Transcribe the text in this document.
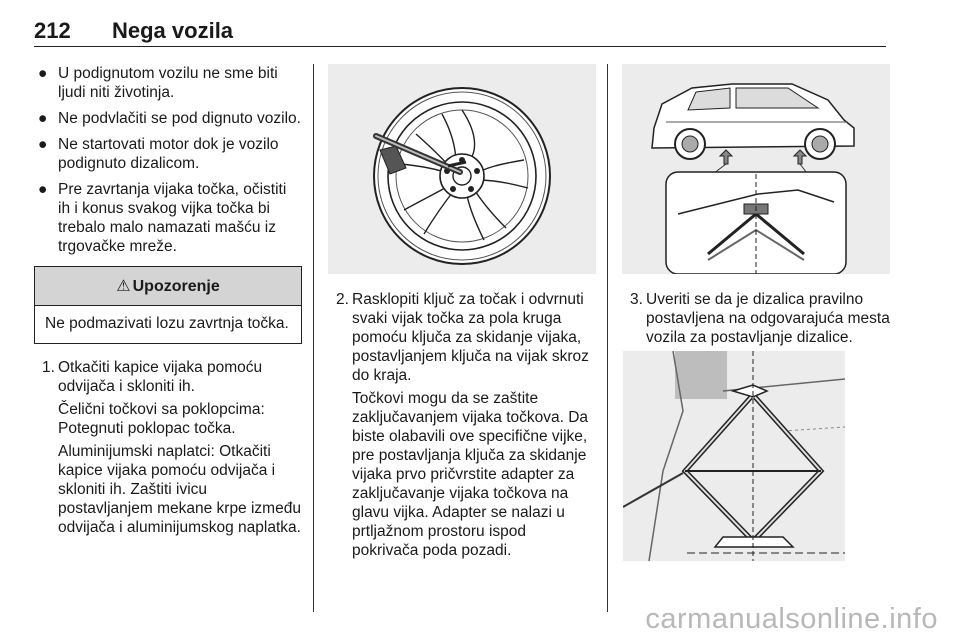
212 Nega vozila
● U podignutom vozilu ne sme biti ljudi niti životinja.
● Ne podvlačiti se pod dignuto vozilo.
● Ne startovati motor dok je vozilo podignuto dizalicom.
● Pre zavrtanja vijaka točka, očistiti ih i konus svakog vijka točka bi trebalo malo namazati mašću iz trgovačke mreže.
⚠ Upozorenje
Ne podmazivati lozu zavrtnja točka.
1. Otkačiti kapice vijaka pomoću odvijača i skloniti ih.
Čelični točkovi sa poklopcima: Potegnuti poklopac točka.
Aluminijumski naplatci: Otkačiti kapice vijaka pomoću odvijača i skloniti ih. Zaštiti ivicu postavljanjem mekane krpe između odvijača i aluminijumskog naplatka.
2. Rasklopiti ključ za točak i odvrnuti svaki vijak točka za pola kruga pomoću ključa za skidanje vijaka, postavljanjem ključa na vijak skroz do kraja.
Točkovi mogu da se zaštite zaključavanjem vijaka točkova. Da biste olabavili ove specifične vijke, pre postavljanja ključa za skidanje vijaka prvo pričvrstite adapter za zaključavanje vijaka točkova na glavu vijka. Adapter se nalazi u prtljažnom prostoru ispod pokrivača poda pozadi.
3. Uveriti se da je dizalica pravilno postavljena na odgovarajuća mesta vozila za postavljanje dizalice.
carmanualsonline.info
